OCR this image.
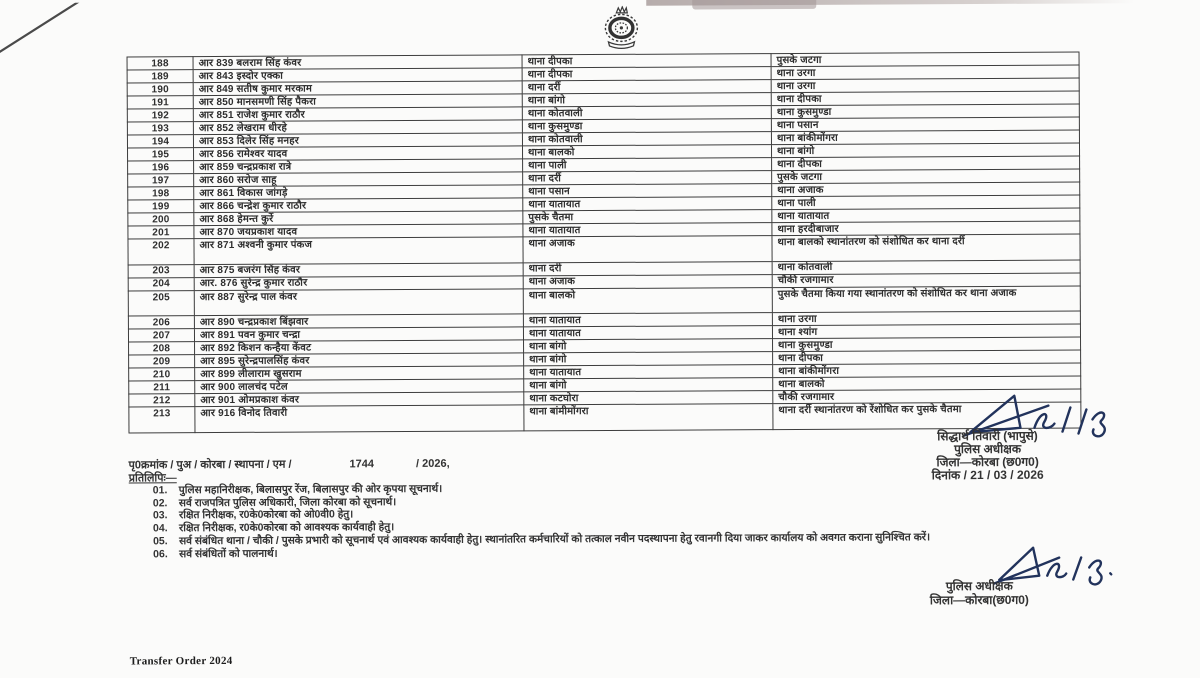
188	आर 839 बलराम सिंह कंवर	थाना दीपका	पुसके जटगा
189	आर 843 इस्दोर एक्का	थाना दीपका	थाना उरगा
190	आर 849 सतीष कुमार मरकाम	थाना दर्री	थाना उरगा
191	आर 850 मानसमणी सिंह पैकरा	थाना बांगो	थाना दीपका
192	आर 851 राजेश कुमार राठौर	थाना कोतवाली	थाना कुसमुण्डा
193	आर 852 लेखराम धीरहे	थाना कुसमुण्डा	थाना पसान
194	आर 853 दिलेर सिंह मनहर	थाना कोतवाली	थाना बांकीमोंगरा
195	आर 856 रामेश्वर यादव	थाना बालको	थाना बांगो
196	आर 859 चन्द्रप्रकाश रात्रे	थाना पाली	थाना दीपका
197	आर 860 सरोज साहू	थाना दर्री	पुसके जटगा
198	आर 861 विकास जांगड़े	थाना पसान	थाना अजाक
199	आर 866 चन्द्रेश कुमार राठौर	थाना यातायात	थाना पाली
200	आर 868 हेमन्त कुर्रे	पुसके चैतमा	थाना यातायात
201	आर 870 जयप्रकाश यादव	थाना यातायात	थाना हरदीबाजार
202	आर 871 अश्वनी कुमार पंकज	थाना अजाक	थाना बालको स्थानांतरण को संशोधित कर थाना दर्री
203	आर 875 बजरंग सिंह कंवर	थाना दर्री	थाना कोतवाली
204	आर. 876 सुरेन्द्र कुमार राठौर	थाना अजाक	चौकी रजगामार
205	आर 887 सुरेन्द्र पाल कंवर	थाना बालको	पुसके चैतमा किया गया स्थानांतरण को संशोधित कर थाना अजाक
206	आर 890 चन्द्रप्रकाश बिंझवार	थाना यातायात	थाना उरगा
207	आर 891 पवन कुमार चन्द्रा	थाना यातायात	थाना श्यांग
208	आर 892 किशन कन्हैया केंवट	थाना बांगो	थाना कुसमुण्डा
209	आर 895 सुरेन्द्रपालसिंह कंवर	थाना बांगो	थाना दीपका
210	आर 899 लीलाराम खुसराम	थाना यातायात	थाना बांकीमोंगरा
211	आर 900 लालचंद पटेल	थाना बांगो	थाना बालको
212	आर 901 ओमप्रकाश कंवर	थाना कटघोरा	चौकी रजगामार
213	आर 916 विनोद तिवारी	थाना बांमीमोंगरा	थाना दर्री स्थानांतरण को रेंशोधित कर पुसके चैतमा
सिद्धार्थ तिवारी (भापुसे)
पुलिस अधीक्षक
जिला—कोरबा (छ0ग0)
दिनांक / 21 / 03 / 2026
पृ0क्रमांक / पुअ / कोरबा / स्थापना / एम /	1744	/ 2026,
प्रतिलिपिः—
01.	पुलिस महानिरीक्षक, बिलासपुर रेंज, बिलासपुर की ओर कृपया सूचनार्थ।
02.	सर्व राजपत्रित पुलिस अधिकारी, जिला कोरबा को सूचनार्थ।
03.	रक्षित निरीक्षक, र0के0कोरबा को ओ0वी0 हेतु।
04.	रक्षित निरीक्षक, र0के0कोरबा को आवश्यक कार्यवाही हेतु।
05.	सर्व संबंधित थाना / चौकी / पुसके प्रभारी को सूचनार्थ एवं आवश्यक कार्यवाही हेतु। स्थानांतरित कर्मचारियों को तत्काल नवीन पदस्थापना हेतु रवानगी दिया जाकर कार्यालय को अवगत कराना सुनिश्चित करें।
06.	सर्व संबंधितों को पालनार्थ।
पुलिस अधीक्षक
जिला—कोरबा(छ0ग0)
Transfer Order 2024
